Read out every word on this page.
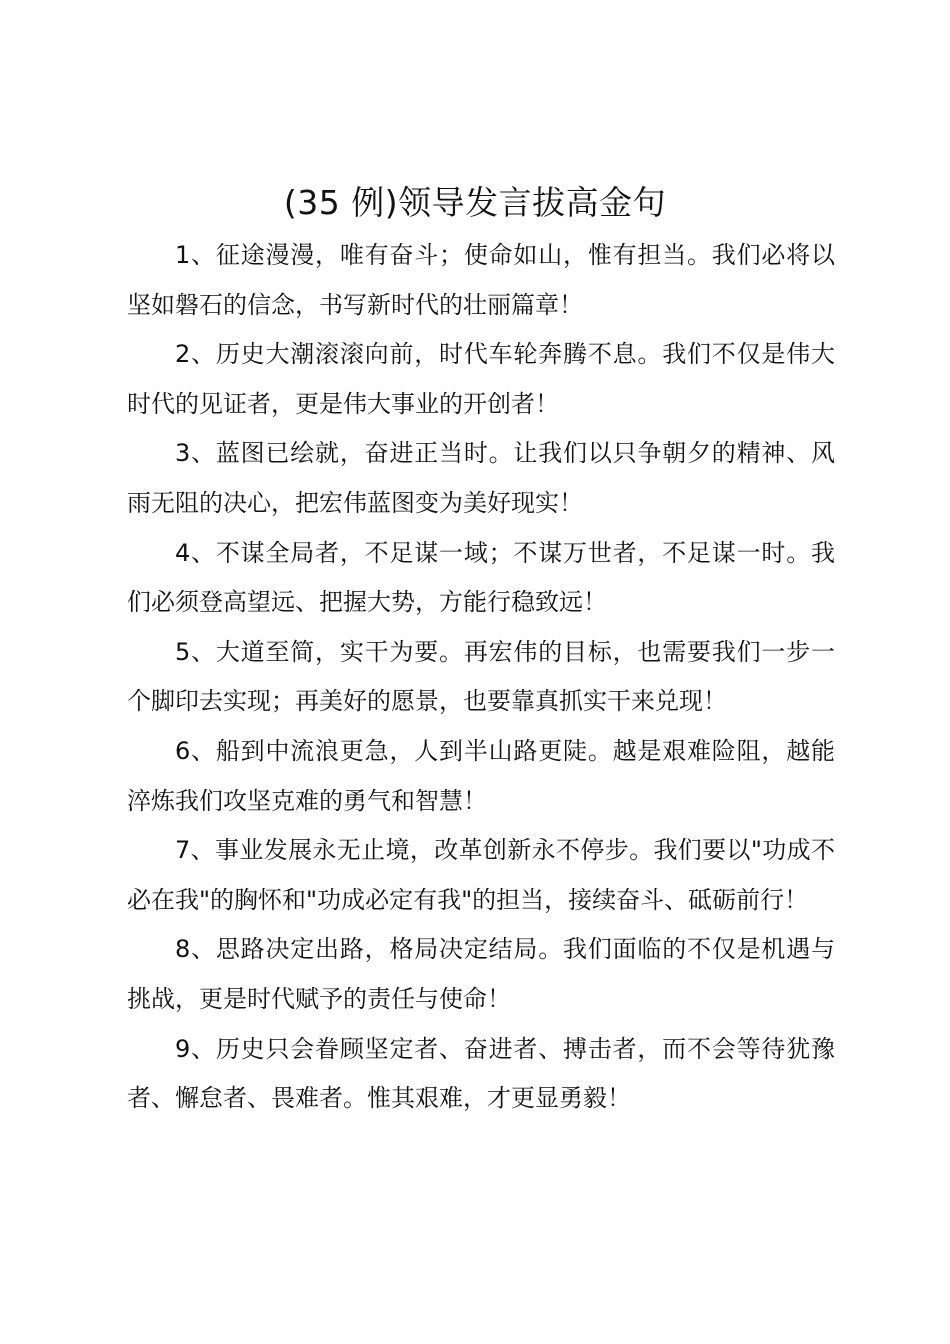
(35 例)领导发言拔高金句

1、征途漫漫，唯有奋斗；使命如山，惟有担当。我们必将以坚如磐石的信念，书写新时代的壮丽篇章！

2、历史大潮滚滚向前，时代车轮奔腾不息。我们不仅是伟大时代的见证者，更是伟大事业的开创者！

3、蓝图已绘就，奋进正当时。让我们以只争朝夕的精神、风雨无阻的决心，把宏伟蓝图变为美好现实！

4、不谋全局者，不足谋一域；不谋万世者，不足谋一时。我们必须登高望远、把握大势，方能行稳致远！

5、大道至简，实干为要。再宏伟的目标，也需要我们一步一个脚印去实现；再美好的愿景，也要靠真抓实干来兑现！

6、船到中流浪更急，人到半山路更陡。越是艰难险阻，越能淬炼我们攻坚克难的勇气和智慧！

7、事业发展永无止境，改革创新永不停步。我们要以"功成不必在我"的胸怀和"功成必定有我"的担当，接续奋斗、砥砺前行！

8、思路决定出路，格局决定结局。我们面临的不仅是机遇与挑战，更是时代赋予的责任与使命！

9、历史只会眷顾坚定者、奋进者、搏击者，而不会等待犹豫者、懈怠者、畏难者。惟其艰难，才更显勇毅！
